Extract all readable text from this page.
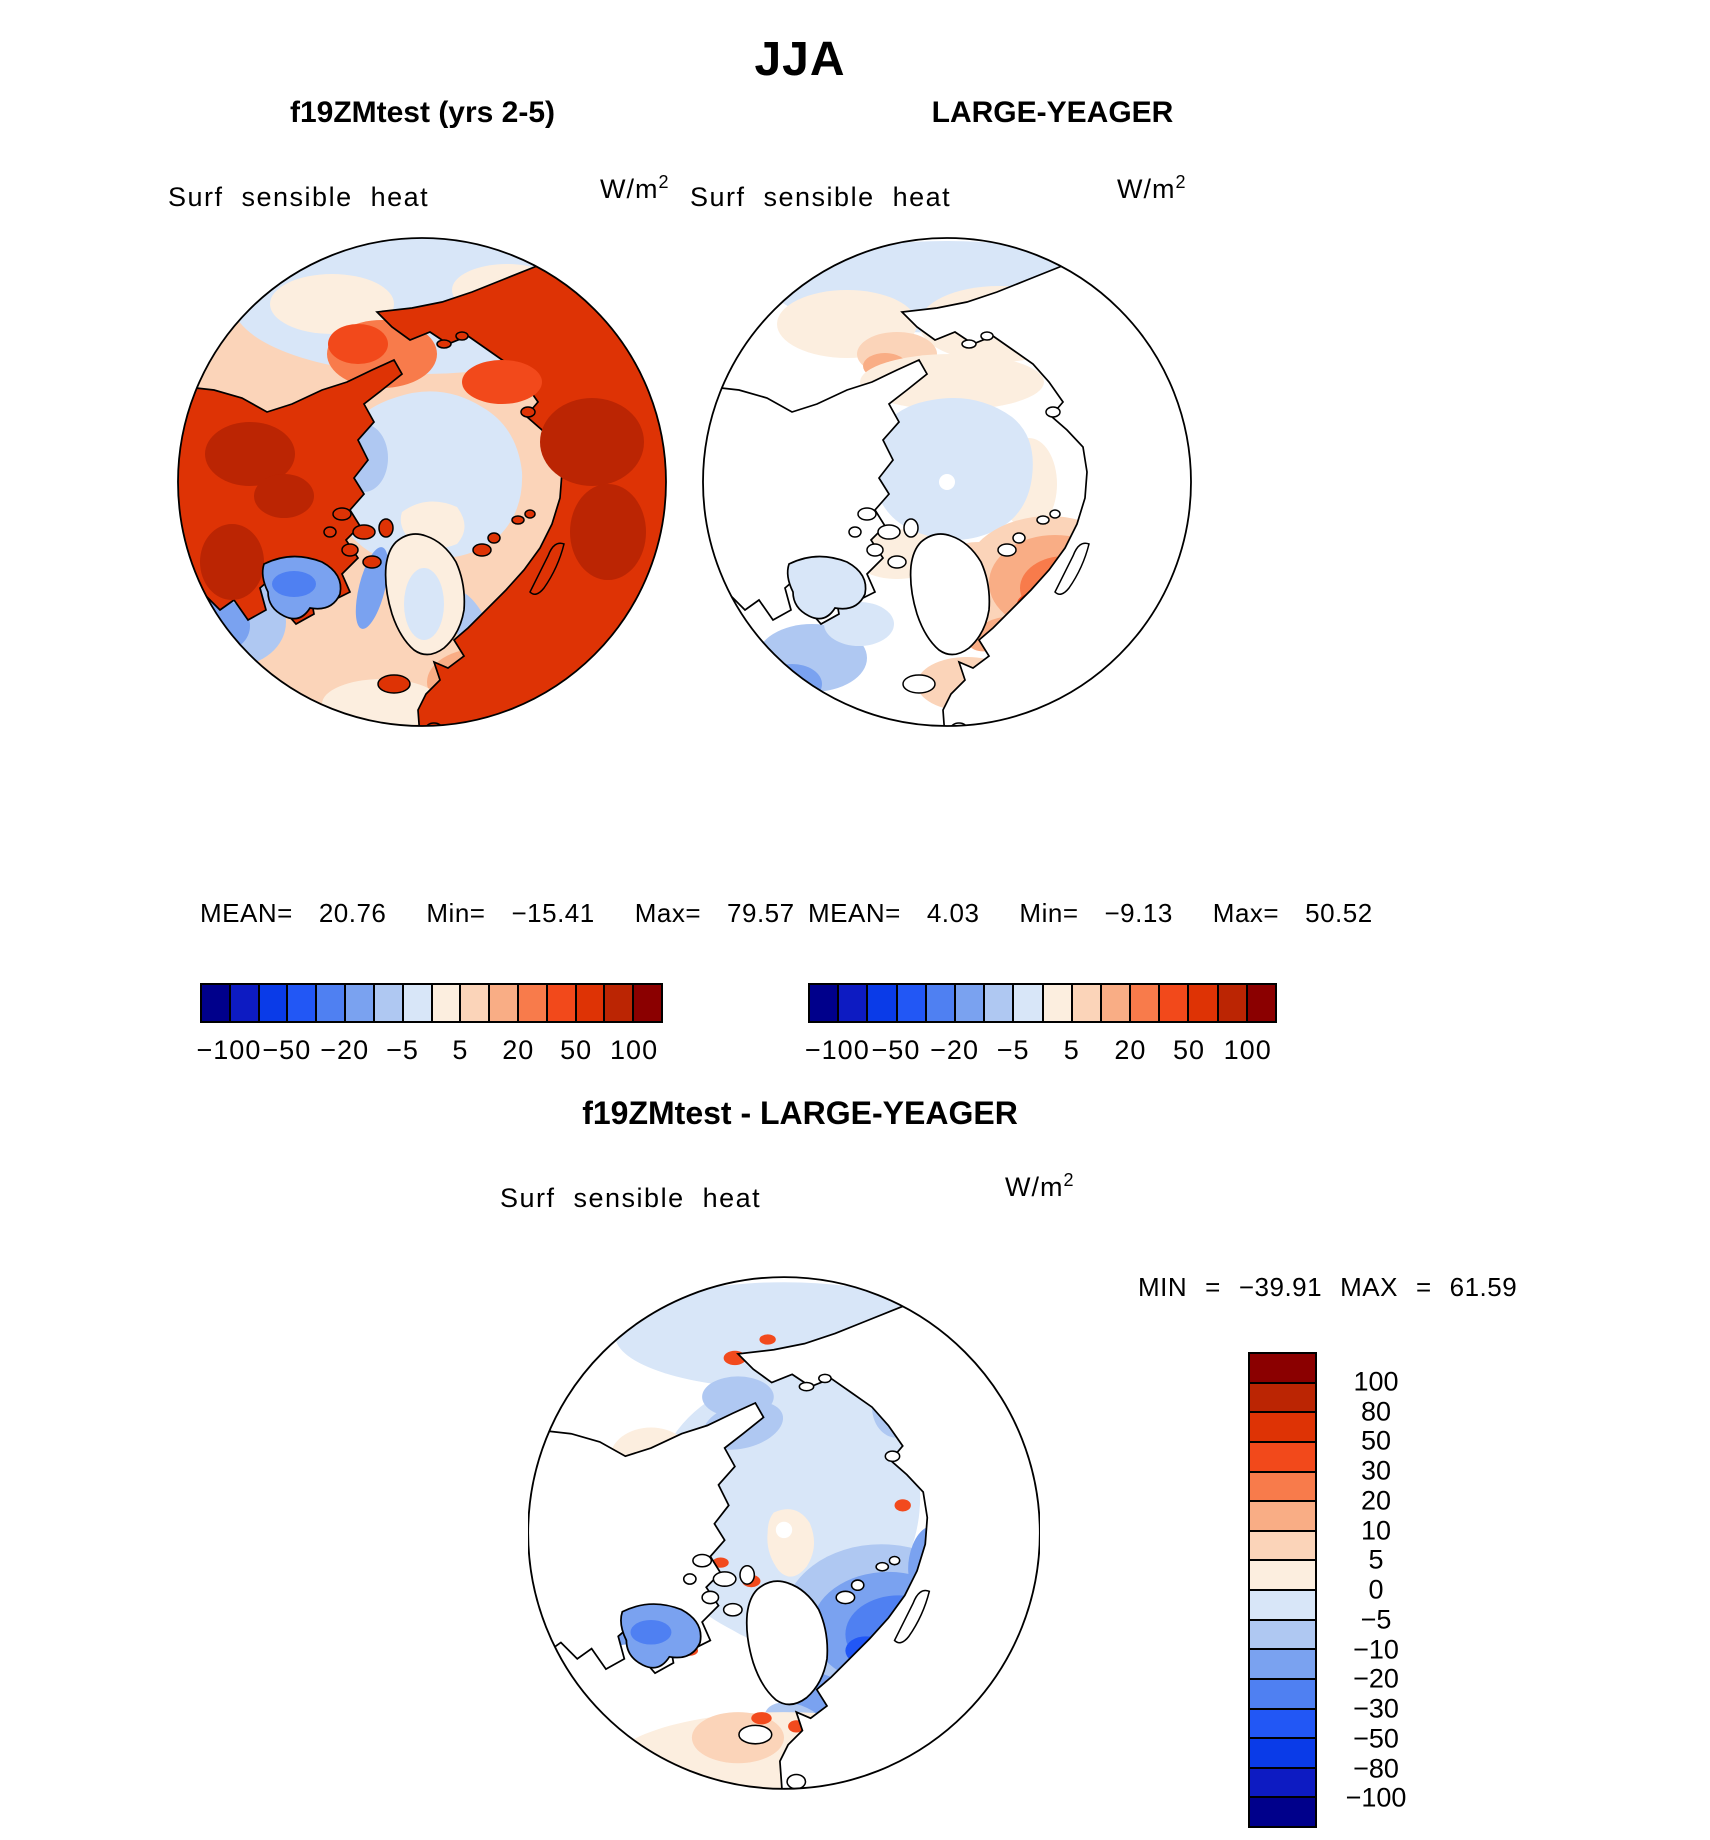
JJA
f19ZMtest (yrs 2-5)	LARGE-YEAGER
Surf sensible heat	$W/m^2$ Surf sensible heat	$W/m^2$
MEAN= 20.76 Min= −15.41 Max= 79.57 MEAN= 4.03 Min= −9.13 Max= 50.52
−100 −50 −20 −5 5 20 50 100	−100 −50 −20 −5 5 20 50 100
f19ZMtest - LARGE-YEAGER
Surf sensible heat	$W/m^2$
MIN = −39.91 MAX = 61.59
100
80
50
30
20
10
5
0
−5
−10
−20
−30
−50
−80
−100
